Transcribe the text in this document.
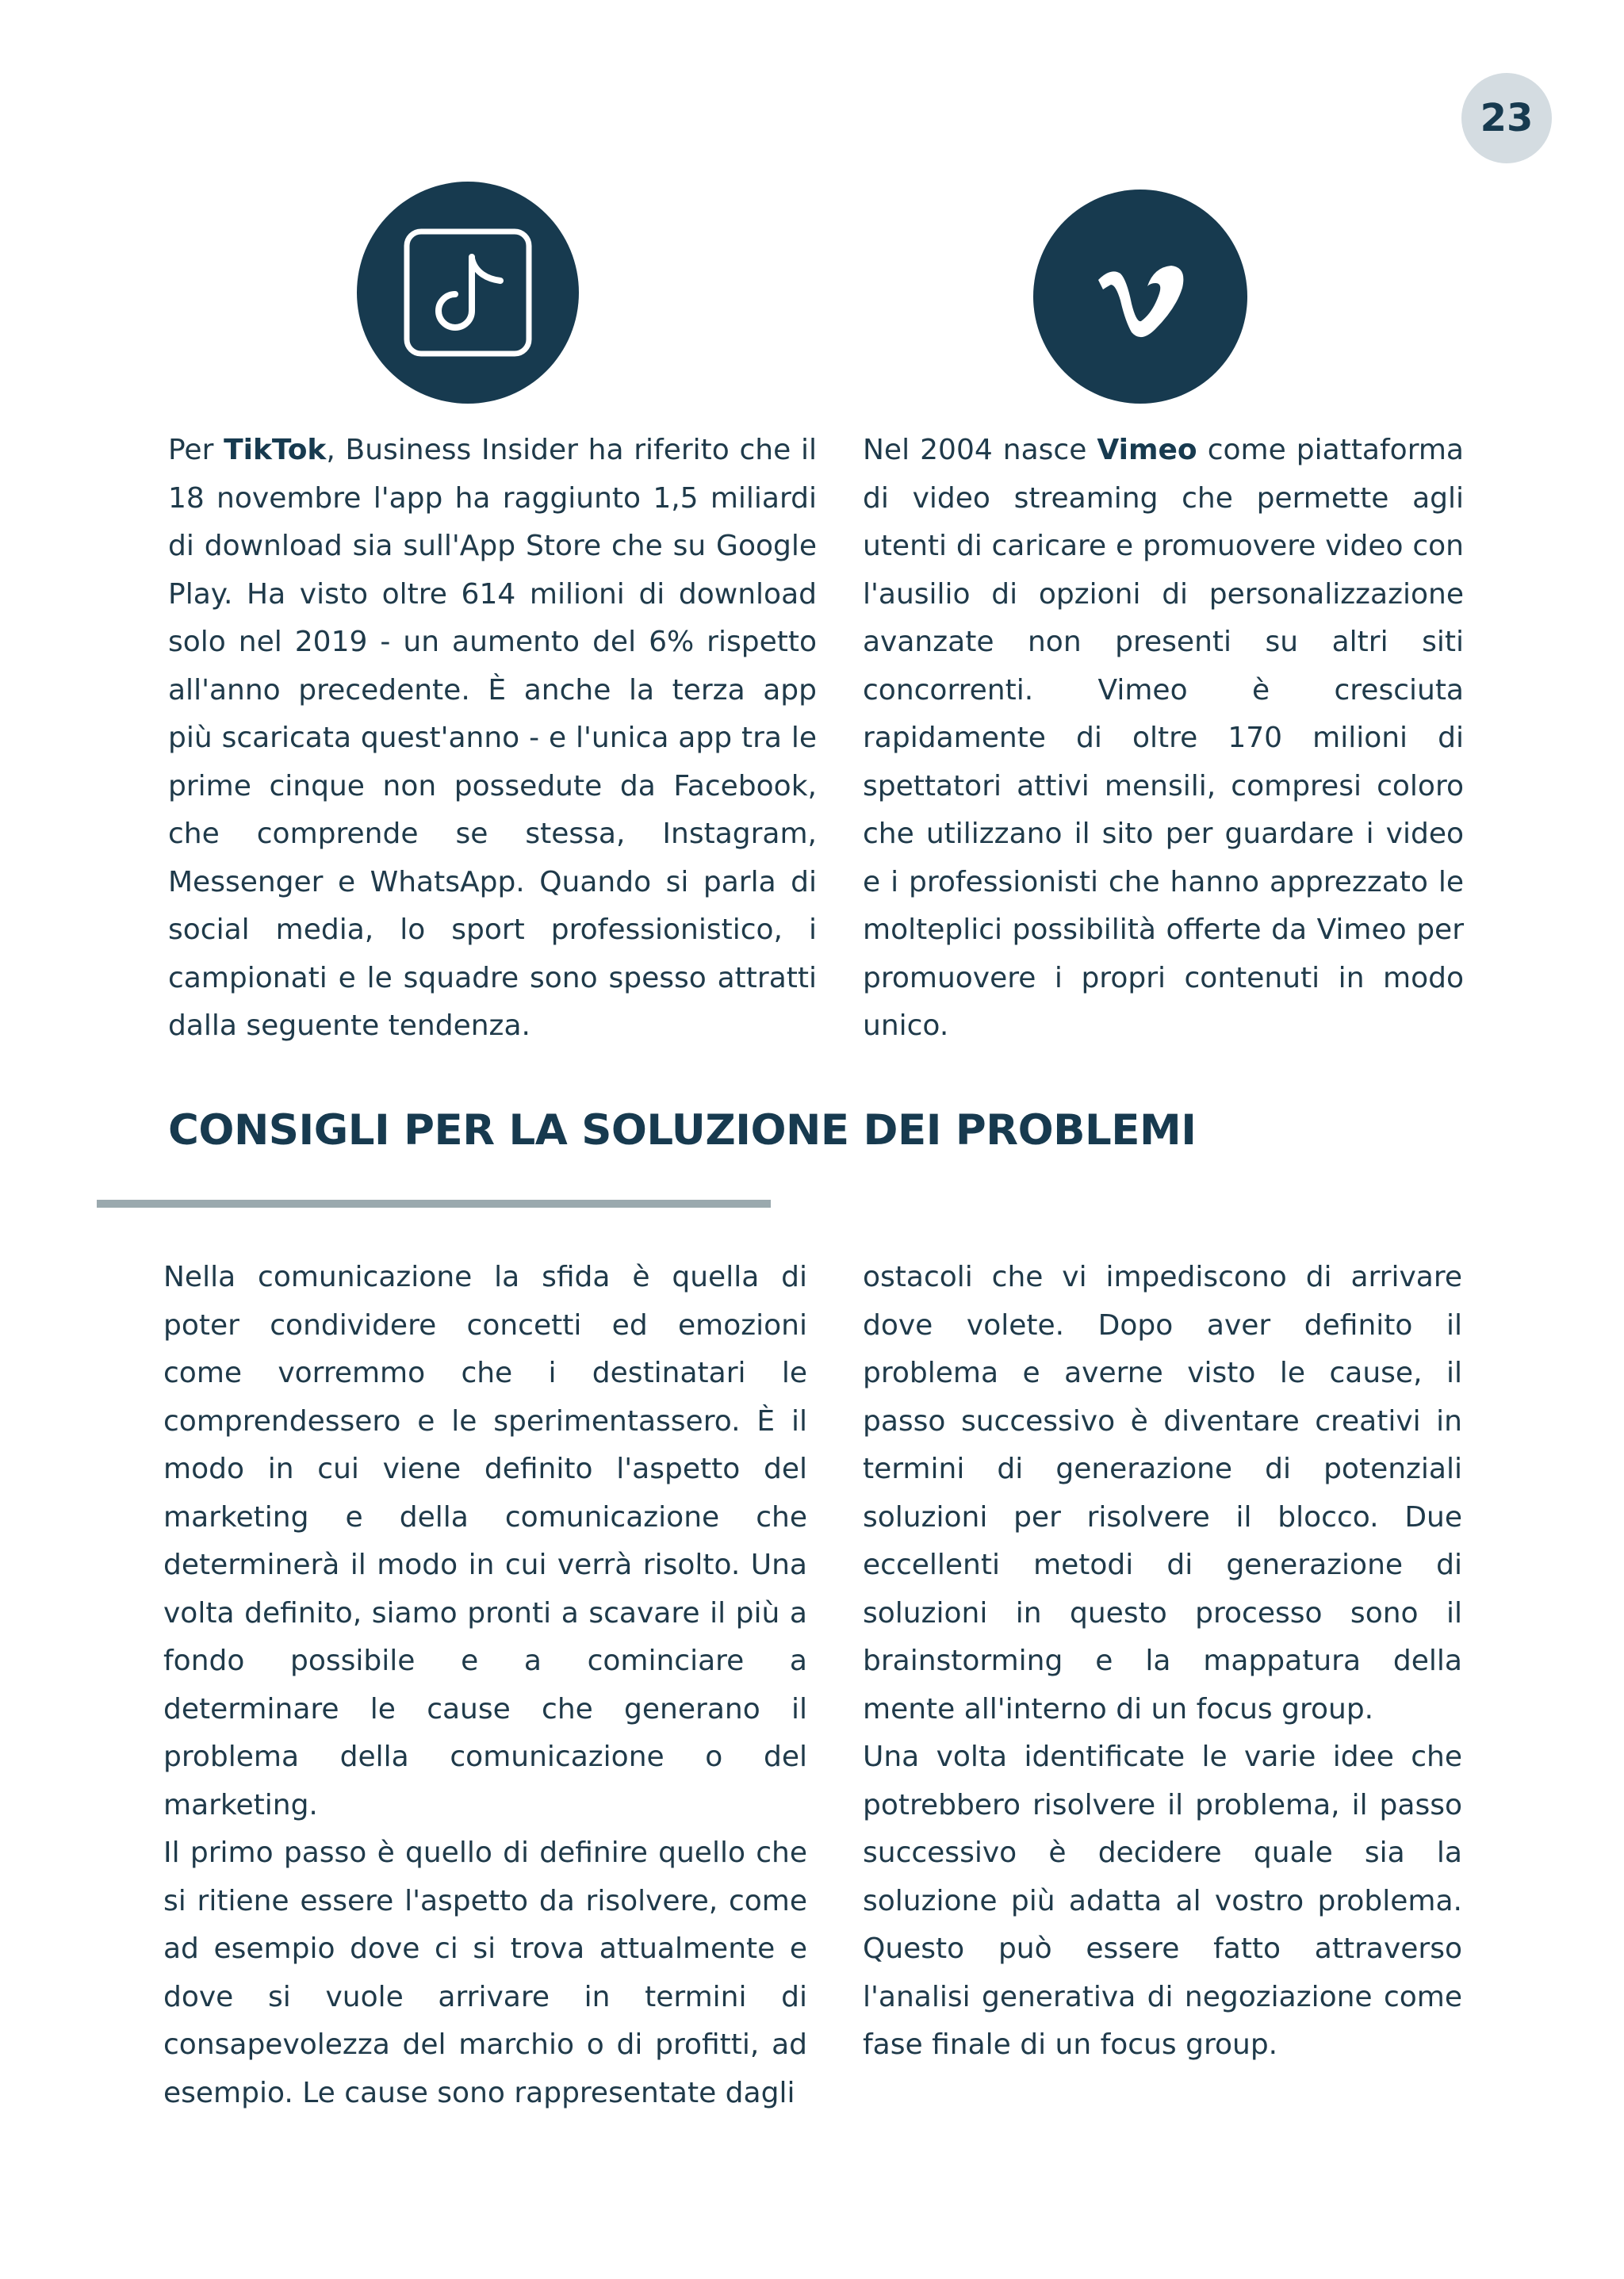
23

Per TikTok, Business Insider ha riferito che il 18 novembre l'app ha raggiunto 1,5 miliardi di download sia sull'App Store che su Google Play. Ha visto oltre 614 milioni di download solo nel 2019 - un aumento del 6% rispetto all'anno precedente. È anche la terza app più scaricata quest'anno - e l'unica app tra le prime cinque non possedute da Facebook, che comprende se stessa, Instagram, Messenger e WhatsApp. Quando si parla di social media, lo sport professionistico, i campionati e le squadre sono spesso attratti dalla seguente tendenza.

Nel 2004 nasce Vimeo come piattaforma di video streaming che permette agli utenti di caricare e promuovere video con l'ausilio di opzioni di personalizzazione avanzate non presenti su altri siti concorrenti. Vimeo è cresciuta rapidamente di oltre 170 milioni di spettatori attivi mensili, compresi coloro che utilizzano il sito per guardare i video e i professionisti che hanno apprezzato le molteplici possibilità offerte da Vimeo per promuovere i propri contenuti in modo unico.

CONSIGLI PER LA SOLUZIONE DEI PROBLEMI

Nella comunicazione la sfida è quella di poter condividere concetti ed emozioni come vorremmo che i destinatari le comprendessero e le sperimentassero. È il modo in cui viene definito l'aspetto del marketing e della comunicazione che determinerà il modo in cui verrà risolto. Una volta definito, siamo pronti a scavare il più a fondo possibile e a cominciare a determinare le cause che generano il problema della comunicazione o del marketing.

Il primo passo è quello di definire quello che si ritiene essere l'aspetto da risolvere, come ad esempio dove ci si trova attualmente e dove si vuole arrivare in termini di consapevolezza del marchio o di profitti, ad esempio. Le cause sono rappresentate dagli

ostacoli che vi impediscono di arrivare dove volete. Dopo aver definito il problema e averne visto le cause, il passo successivo è diventare creativi in termini di generazione di potenziali soluzioni per risolvere il blocco. Due eccellenti metodi di generazione di soluzioni in questo processo sono il brainstorming e la mappatura della mente all'interno di un focus group.

Una volta identificate le varie idee che potrebbero risolvere il problema, il passo successivo è decidere quale sia la soluzione più adatta al vostro problema. Questo può essere fatto attraverso l'analisi generativa di negoziazione come fase finale di un focus group.
